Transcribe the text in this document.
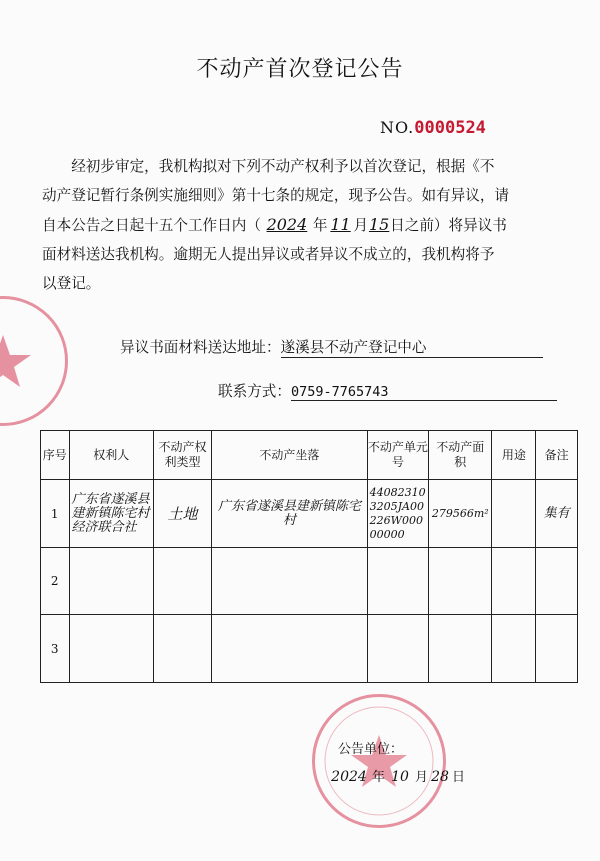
不动产首次登记公告
NO.0000524
经初步审定，我机构拟对下列不动产权利予以首次登记，根据《不
动产登记暂行条例实施细则》第十七条的规定，现予公告。如有异议，请
自本公告之日起十五个工作日内（ 2024 年 11 月15日之前）将异议书
面材料送达我机构。逾期无人提出异议或者异议不成立的，我机构将予
以登记。
异议书面材料送达地址：遂溪县不动产登记中心
联系方式：0759-7765743
序号	权利人	不动产权利类型	不动产坐落	不动产单元号	不动产面　积	用途	备注
1	广东省遂溪县建新镇陈宅村经济联合社	土地	广东省遂溪县建新镇陈宅村	440823103205JA00226W00000000	279566m²		集有
2							
3							
公告单位：
2024 年 10 月 28 日
